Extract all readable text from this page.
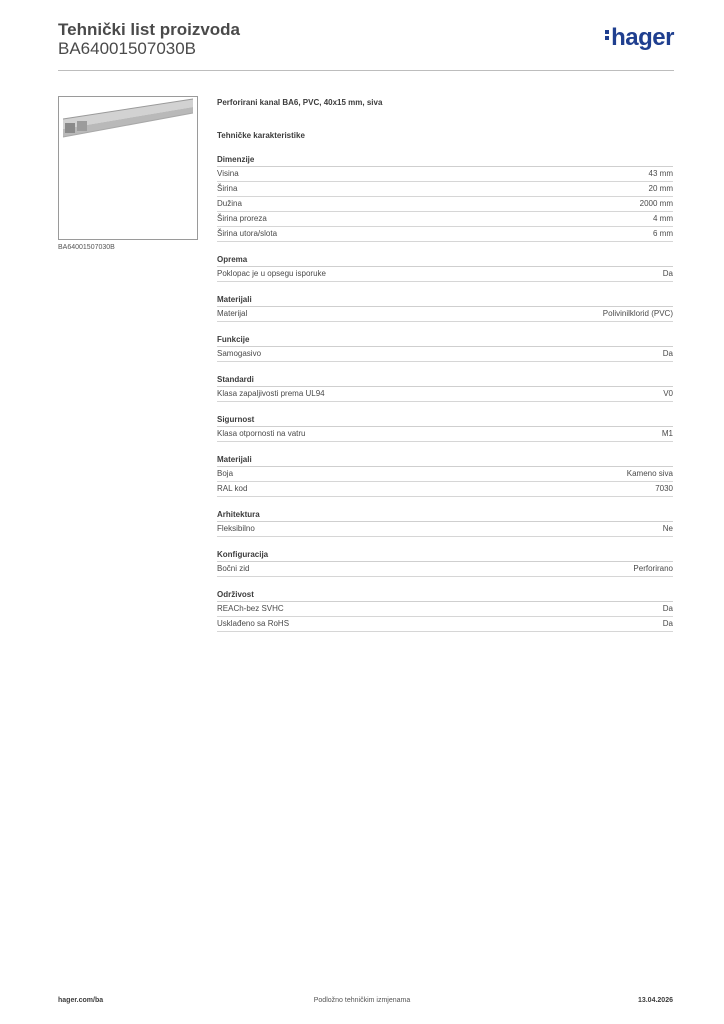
Tehnički list proizvoda
BA64001507030B	hager
BA64001507030B
Perforirani kanal BA6, PVC, 40x15 mm, siva
Tehničke karakteristike
Dimenzije
Visina	43 mm
Širina	20 mm
Dužina	2000 mm
Širina proreza	4 mm
Širina utora/slota	6 mm
Oprema
Poklopac je u opsegu isporuke	Da
Materijali
Materijal	Polivinilklorid (PVC)
Funkcije
Samogasivo	Da
Standardi
Klasa zapaljivosti prema UL94	V0
Sigurnost
Klasa otpornosti na vatru	M1
Materijali
Boja	Kameno siva
RAL kod	7030
Arhitektura
Fleksibilno	Ne
Konfiguracija
Bočni zid	Perforirano
Održivost
REACh-bez SVHC	Da
Usklađeno sa RoHS	Da
hager.com/ba	Podložno tehničkim izmjenama	13.04.2026
